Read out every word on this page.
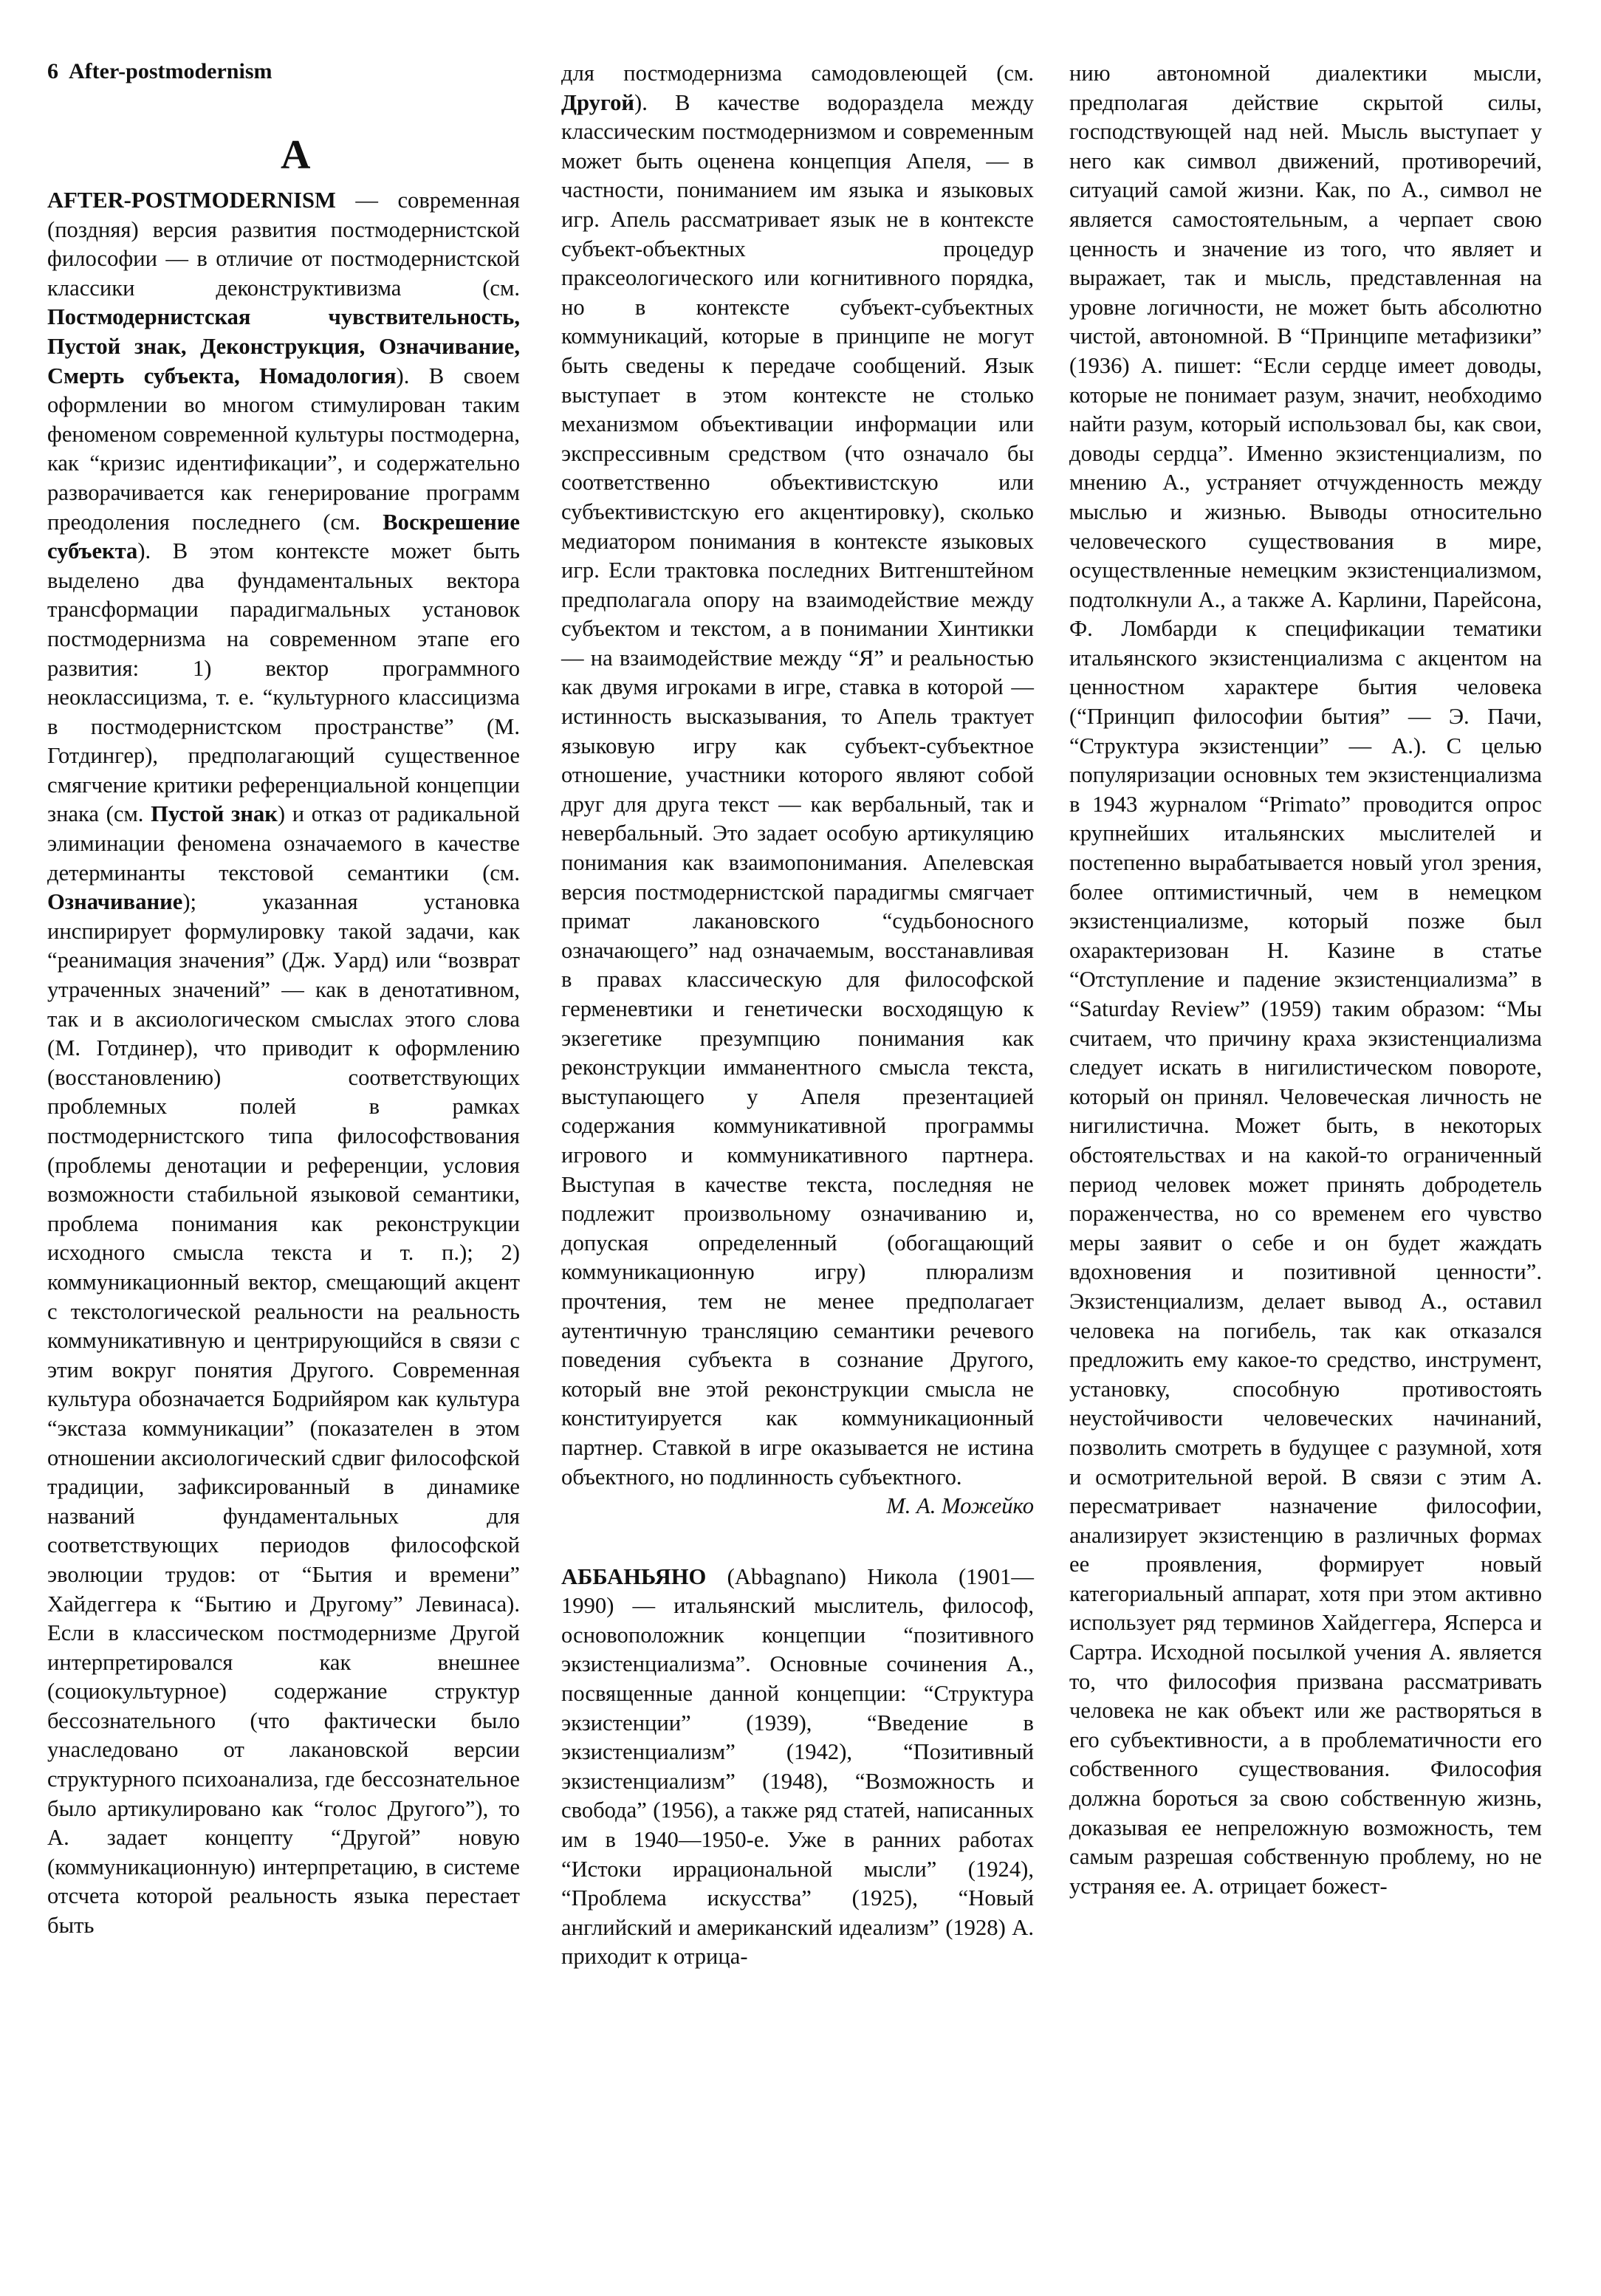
6 After-postmodernism
A

AFTER-POSTMODERNISM — современная (поздняя) версия развития постмодернистской философии — в отличие от постмодернистской классики деконструктивизма (см. Постмодернистская чувствительность, Пустой знак, Деконструкция, Означивание, Смерть субъекта, Номадология). В своем оформлении во многом стимулирован таким феноменом современной культуры постмодерна, как “кризис идентификации”, и содержательно разворачивается как генерирование программ преодоления последнего (см. Воскрешение субъекта). В этом контексте может быть выделено два фундаментальных вектора трансформации парадигмальных установок постмодернизма на современном этапе его развития: 1) вектор программного неоклассицизма, т. е. “культурного классицизма в постмодернистском пространстве” (М. Готдингер), предполагающий существенное смягчение критики референциальной концепции знака (см. Пустой знак) и отказ от радикальной элиминации феномена означаемого в качестве детерминанты текстовой семантики (см. Означивание); указанная установка инспирирует формулировку такой задачи, как “реанимация значения” (Дж. Уард) или “возврат утраченных значений” — как в денотативном, так и в аксиологическом смыслах этого слова (М. Готдинер), что приводит к оформлению (восстановлению) соответствующих проблемных полей в рамках постмодернистского типа философствования (проблемы денотации и референции, условия возможности стабильной языковой семантики, проблема понимания как реконструкции исходного смысла текста и т. п.); 2) коммуникационный вектор, смещающий акцент с текстологической реальности на реальность коммуникативную и центрирующийся в связи с этим вокруг понятия Другого. Современная культура обозначается Бодрийяром как культура “экстаза коммуникации” (показателен в этом отношении аксиологический сдвиг философской традиции, зафиксированный в динамике названий фундаментальных для соответствующих периодов философской эволюции трудов: от “Бытия и времени” Хайдеггера к “Бытию и Другому” Левинаса). Если в классическом постмодернизме Другой интерпретировался как внешнее (социокультурное) содержание структур бессознательного (что фактически было унаследовано от лакановской версии структурного психоанализа, где бессознательное было артикулировано как “голос Другого”), то А. задает концепту “Другой” новую (коммуникационную) интерпретацию, в системе отсчета которой реальность языка перестает быть

для постмодернизма самодовлеющей (см. Другой). В качестве водораздела между классическим постмодернизмом и современным может быть оценена концепция Апеля, — в частности, пониманием им языка и языковых игр. Апель рассматривает язык не в контексте субъект-объектных процедур праксеологического или когнитивного порядка, но в контексте субъект-субъектных коммуникаций, которые в принципе не могут быть сведены к передаче сообщений. Язык выступает в этом контексте не столько механизмом объективации информации или экспрессивным средством (что означало бы соответственно объективистскую или субъективистскую его акцентировку), сколько медиатором понимания в контексте языковых игр. Если трактовка последних Витгенштейном предполагала опору на взаимодействие между субъектом и текстом, а в понимании Хинтикки — на взаимодействие между “Я” и реальностью как двумя игроками в игре, ставка в которой — истинность высказывания, то Апель трактует языковую игру как субъект-субъектное отношение, участники которого являют собой друг для друга текст — как вербальный, так и невербальный. Это задает особую артикуляцию понимания как взаимопонимания. Апелевская версия постмодернистской парадигмы смягчает примат лакановского “судьбоносного означающего” над означаемым, восстанавливая в правах классическую для философской герменевтики и генетически восходящую к экзегетике презумпцию понимания как реконструкции имманентного смысла текста, выступающего у Апеля презентацией содержания коммуникативной программы игрового и коммуникативного партнера. Выступая в качестве текста, последняя не подлежит произвольному означиванию и, допуская определенный (обогащающий коммуникационную игру) плюрализм прочтения, тем не менее предполагает аутентичную трансляцию семантики речевого поведения субъекта в сознание Другого, который вне этой реконструкции смысла не конституируется как коммуникационный партнер. Ставкой в игре оказывается не истина объектного, но подлинность субъектного.

М. А. Можейко

АББАНЬЯНО (Abbagnano) Никола (1901—1990) — итальянский мыслитель, философ, основоположник концепции “позитивного экзистенциализма”. Основные сочинения А., посвященные данной концепции: “Структура экзистенции” (1939), “Введение в экзистенциализм” (1942), “Позитивный экзистенциализм” (1948), “Возможность и свобода” (1956), а также ряд статей, написанных им в 1940—1950-е. Уже в ранних работах “Истоки иррациональной мысли” (1924), “Проблема искусства” (1925), “Новый английский и американский идеализм” (1928) А. приходит к отрица-

нию автономной диалектики мысли, предполагая действие скрытой силы, господствующей над ней. Мысль выступает у него как символ движений, противоречий, ситуаций самой жизни. Как, по А., символ не является самостоятельным, а черпает свою ценность и значение из того, что являет и выражает, так и мысль, представленная на уровне логичности, не может быть абсолютно чистой, автономной. В “Принципе метафизики” (1936) А. пишет: “Если сердце имеет доводы, которые не понимает разум, значит, необходимо найти разум, который использовал бы, как свои, доводы сердца”. Именно экзистенциализм, по мнению А., устраняет отчужденность между мыслью и жизнью. Выводы относительно человеческого существования в мире, осуществленные немецким экзистенциализмом, подтолкнули А., а также А. Карлини, Парейсона, Ф. Ломбарди к спецификации тематики итальянского экзистенциализма с акцентом на ценностном характере бытия человека (“Принцип философии бытия” — Э. Пачи, “Структура экзистенции” — А.). С целью популяризации основных тем экзистенциализма в 1943 журналом “Primato” проводится опрос крупнейших итальянских мыслителей и постепенно вырабатывается новый угол зрения, более оптимистичный, чем в немецком экзистенциализме, который позже был охарактеризован Н. Казине в статье “Отступление и падение экзистенциализма” в “Saturday Review” (1959) таким образом: “Мы считаем, что причину краха экзистенциализма следует искать в нигилистическом повороте, который он принял. Человеческая личность не нигилистична. Может быть, в некоторых обстоятельствах и на какой-то ограниченный период человек может принять добродетель пораженчества, но со временем его чувство меры заявит о себе и он будет жаждать вдохновения и позитивной ценности”. Экзистенциализм, делает вывод А., оставил человека на погибель, так как отказался предложить ему какое-то средство, инструмент, установку, способную противостоять неустойчивости человеческих начинаний, позволить смотреть в будущее с разумной, хотя и осмотрительной верой. В связи с этим А. пересматривает назначение философии, анализирует экзистенцию в различных формах ее проявления, формирует новый категориальный аппарат, хотя при этом активно использует ряд терминов Хайдеггера, Ясперса и Сартра. Исходной посылкой учения А. является то, что философия призвана рассматривать человека не как объект или же растворяться в его субъективности, а в проблематичности его собственного существования. Философия должна бороться за свою собственную жизнь, доказывая ее непреложную возможность, тем самым разрешая собственную проблему, но не устраняя ее. А. отрицает божест-
